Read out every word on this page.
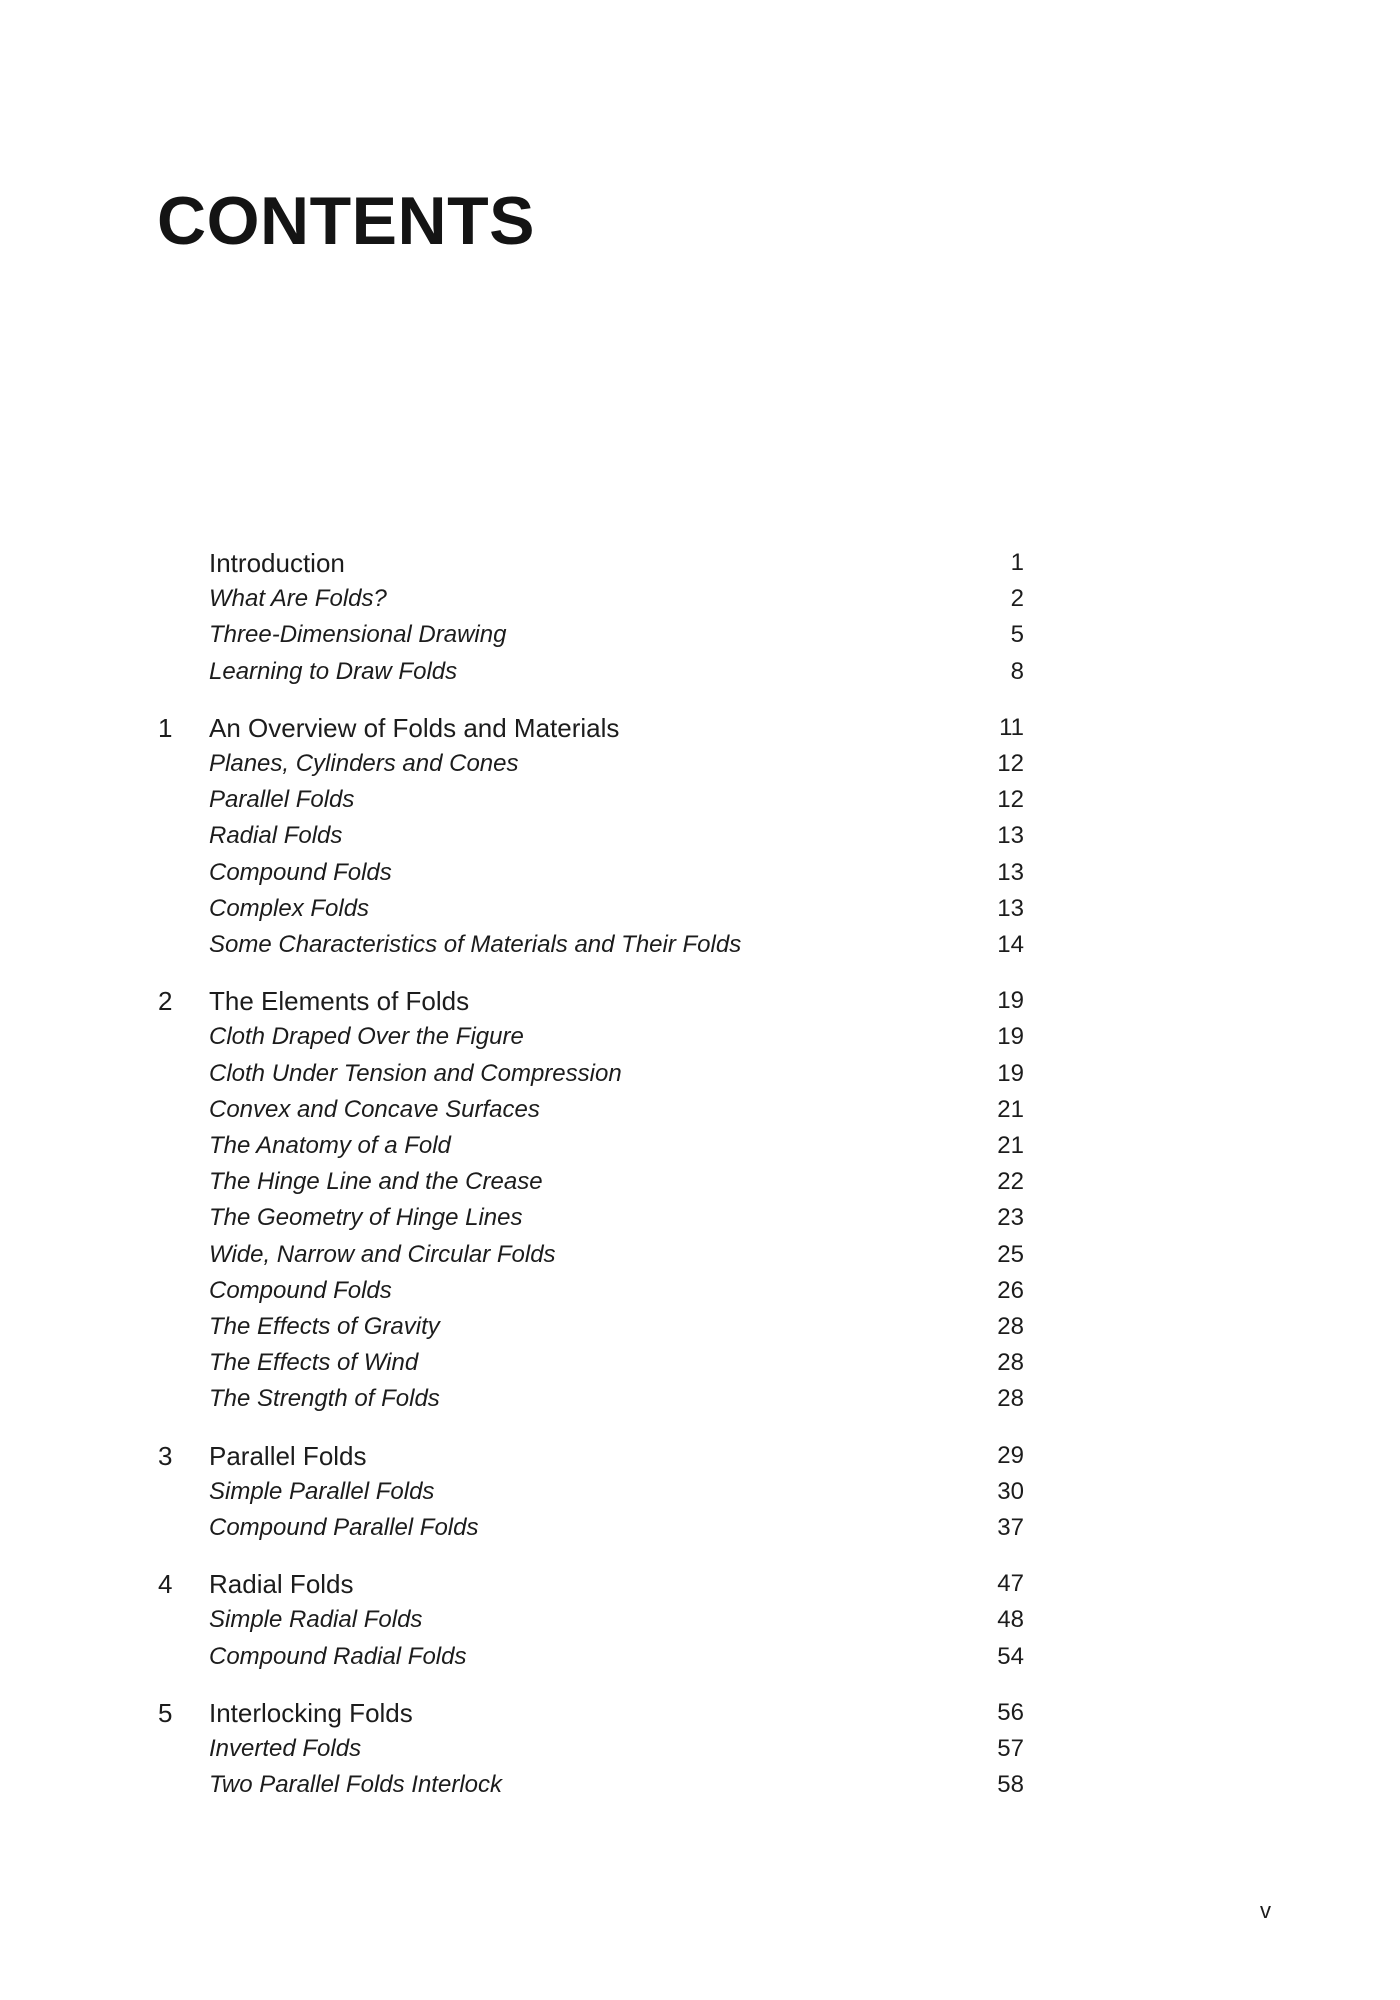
CONTENTS
Introduction	1
What Are Folds?	2
Three-Dimensional Drawing	5
Learning to Draw Folds	8
1 An Overview of Folds and Materials	11
Planes, Cylinders and Cones	12
Parallel Folds	12
Radial Folds	13
Compound Folds	13
Complex Folds	13
Some Characteristics of Materials and Their Folds	14
2 The Elements of Folds	19
Cloth Draped Over the Figure	19
Cloth Under Tension and Compression	19
Convex and Concave Surfaces	21
The Anatomy of a Fold	21
The Hinge Line and the Crease	22
The Geometry of Hinge Lines	23
Wide, Narrow and Circular Folds	25
Compound Folds	26
The Effects of Gravity	28
The Effects of Wind	28
The Strength of Folds	28
3 Parallel Folds	29
Simple Parallel Folds	30
Compound Parallel Folds	37
4 Radial Folds	47
Simple Radial Folds	48
Compound Radial Folds	54
5 Interlocking Folds	56
Inverted Folds	57
Two Parallel Folds Interlock	58
v
